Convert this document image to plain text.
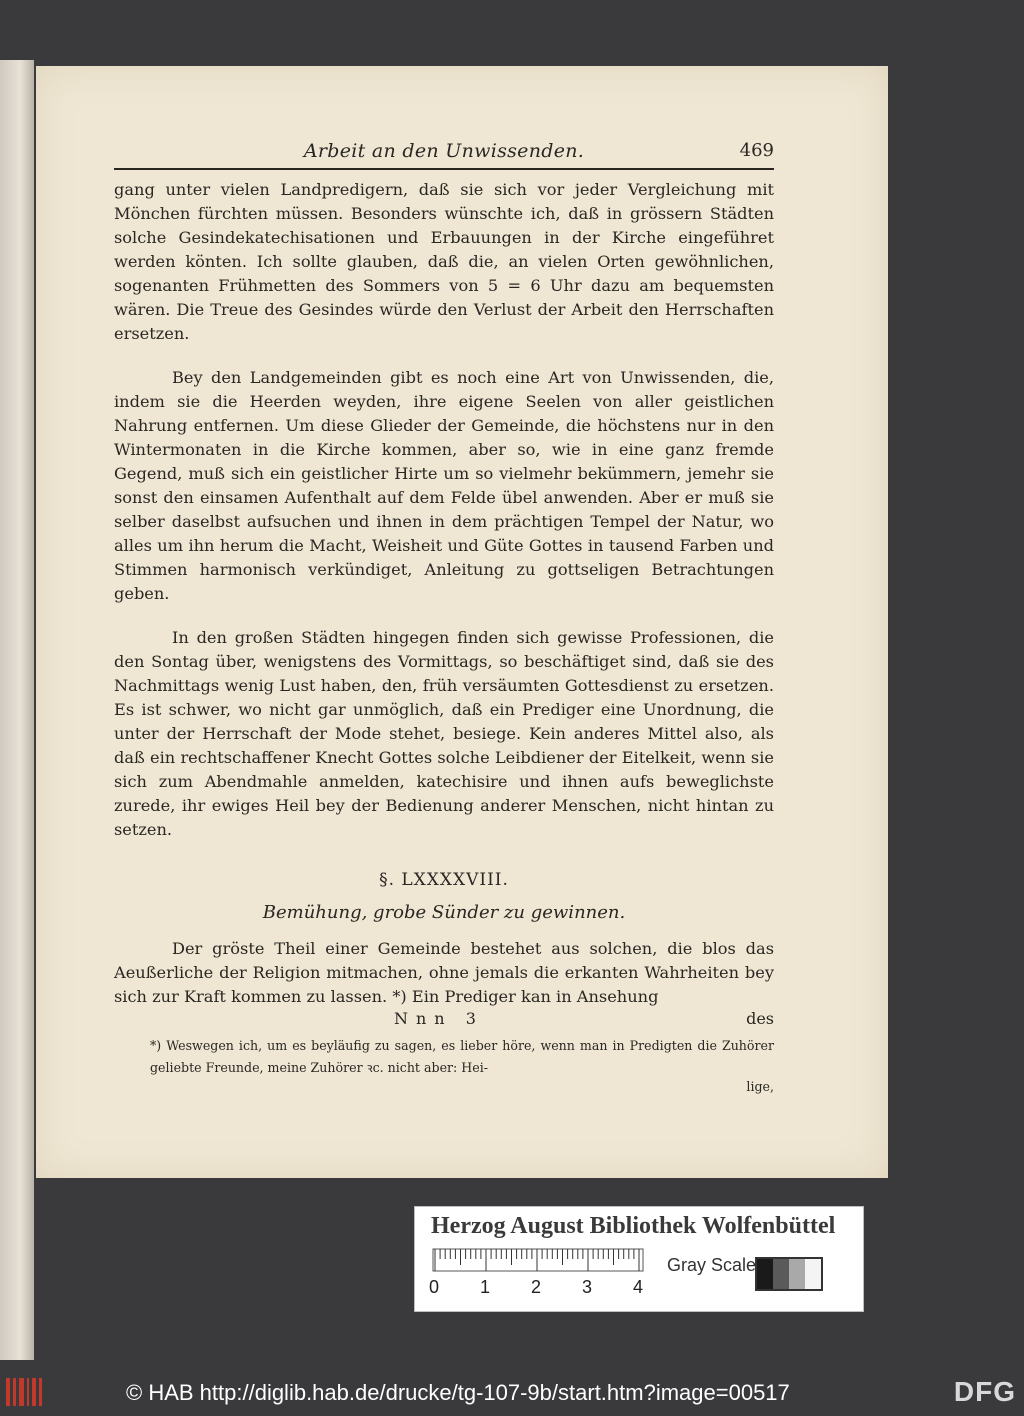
Arbeit an den Unwissenden.	469

gang unter vielen Landpredigern, daß sie sich vor jeder Vergleichung mit Mönchen fürchten müssen. Besonders wünschte ich, daß in grössern Städten solche Gesindekatechisationen und Erbauungen in der Kirche eingeführet werden könten. Ich sollte glauben, daß die, an vielen Orten gewöhnlichen, sogenanten Frühmetten des Sommers von 5 = 6 Uhr dazu am bequemsten wären. Die Treue des Gesindes würde den Verlust der Arbeit den Herrschaften ersetzen.

Bey den Landgemeinden gibt es noch eine Art von Unwissenden, die, indem sie die Heerden weyden, ihre eigene Seelen von aller geistlichen Nahrung entfernen. Um diese Glieder der Gemeinde, die höchstens nur in den Wintermonaten in die Kirche kommen, aber so, wie in eine ganz fremde Gegend, muß sich ein geistlicher Hirte um so vielmehr bekümmern, jemehr sie sonst den einsamen Aufenthalt auf dem Felde übel anwenden. Aber er muß sie selber daselbst aufsuchen und ihnen in dem prächtigen Tempel der Natur, wo alles um ihn herum die Macht, Weisheit und Güte Gottes in tausend Farben und Stimmen harmonisch verkündiget, Anleitung zu gottseligen Betrachtungen geben.

In den großen Städten hingegen finden sich gewisse Professionen, die den Sontag über, wenigstens des Vormittags, so beschäftiget sind, daß sie des Nachmittags wenig Lust haben, den, früh versäumten Gottesdienst zu ersetzen. Es ist schwer, wo nicht gar unmöglich, daß ein Prediger eine Unordnung, die unter der Herrschaft der Mode stehet, besiege. Kein anderes Mittel also, als daß ein rechtschaffener Knecht Gottes solche Leibdiener der Eitelkeit, wenn sie sich zum Abendmahle anmelden, katechisire und ihnen aufs beweglichste zurede, ihr ewiges Heil bey der Bedienung anderer Menschen, nicht hintan zu setzen.

§. LXXXXVIII.
Bemühung, grobe Sünder zu gewinnen.

Der gröste Theil einer Gemeinde bestehet aus solchen, die blos das Aeußerliche der Religion mitmachen, ohne jemals die erkanten Wahrheiten bey sich zur Kraft kommen zu lassen. *) Ein Prediger kan in Ansehung

Nnn 3	des
*) Weswegen ich, um es beyläufig zu sagen, es lieber höre, wenn man in Predigten die Zuhörer geliebte Freunde, meine Zuhörer ꝛc. nicht aber: Hei-
lige,
Herzog August Bibliothek Wolfenbüttel
0 1 2 3 4
Gray Scale
© HAB http://diglib.hab.de/drucke/tg-107-9b/start.htm?image=00517	DFG
